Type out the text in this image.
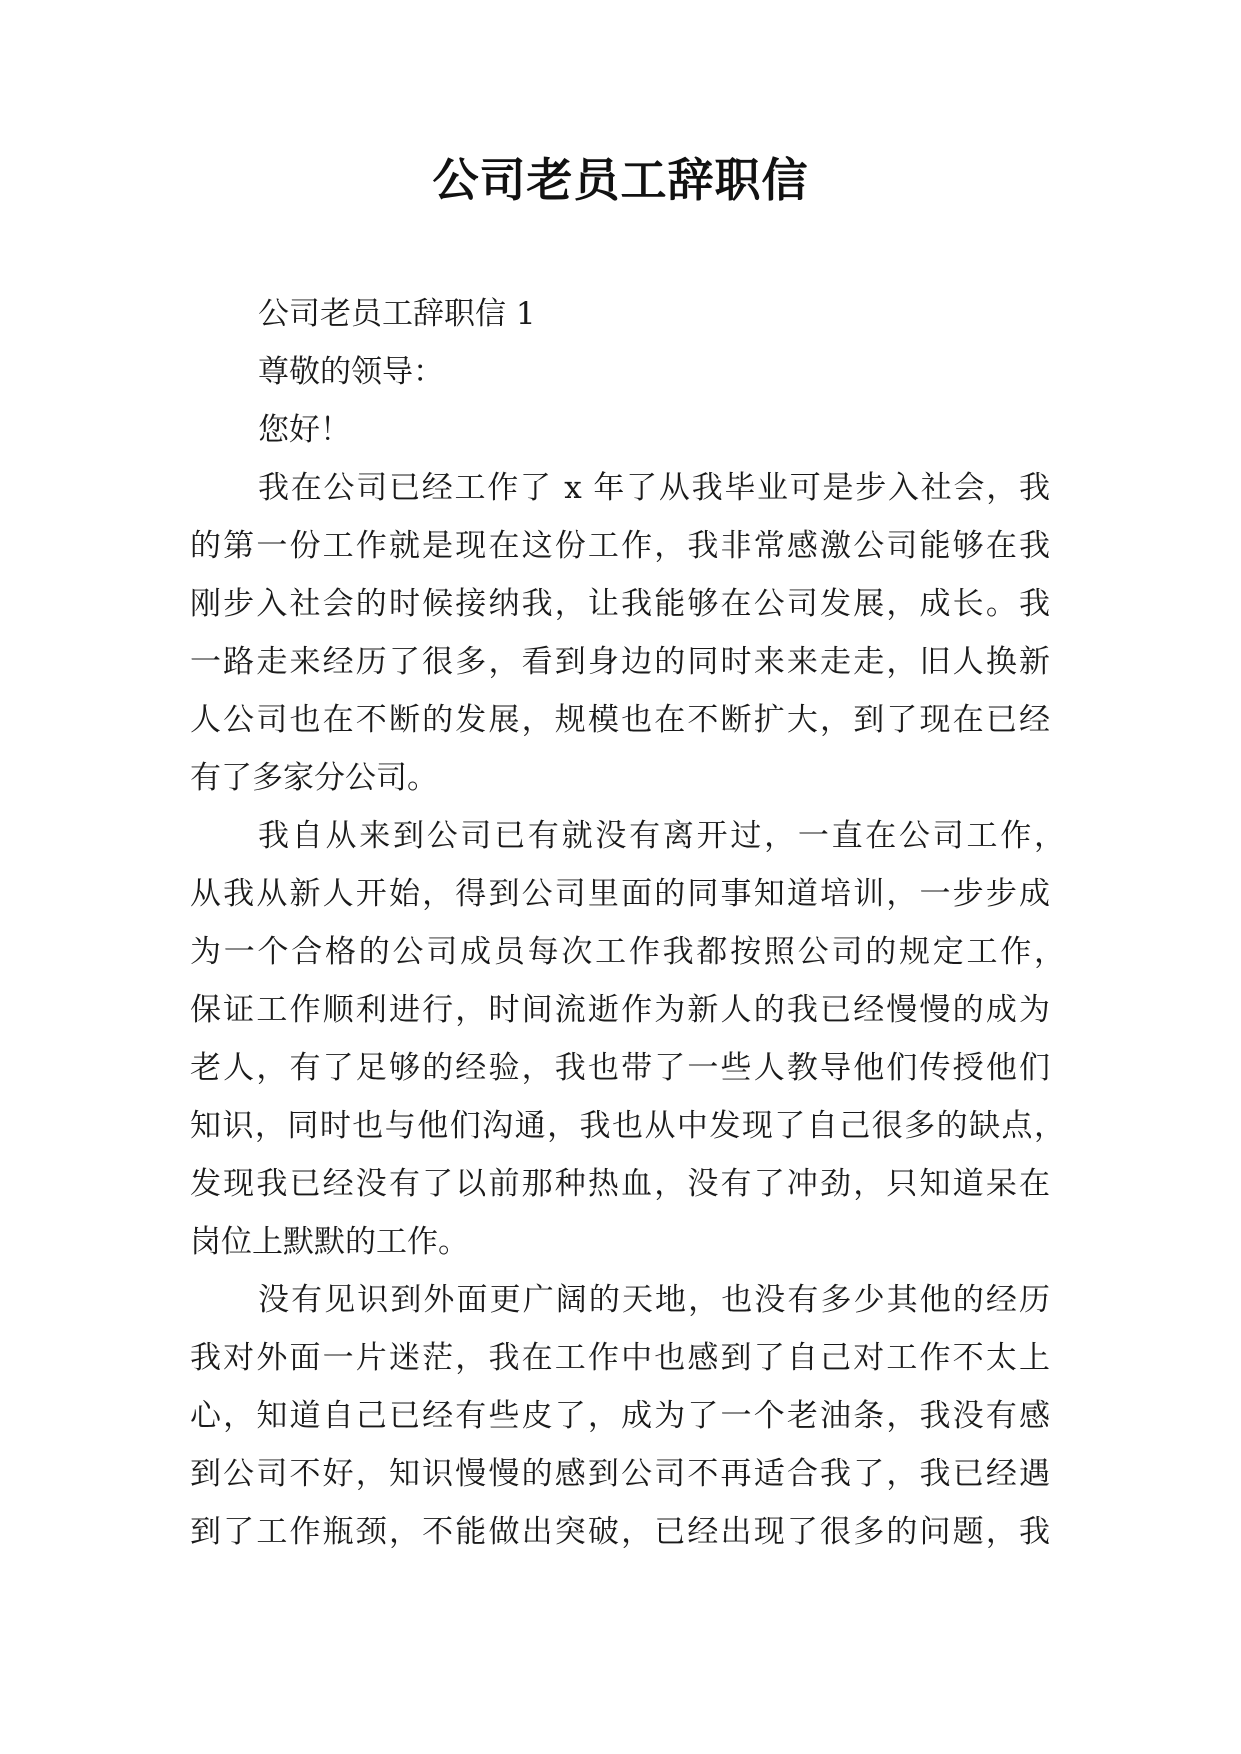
公司老员工辞职信
公司老员工辞职信 1
尊敬的领导：
您好！
我在公司已经工作了 x 年了从我毕业可是步入社会，我
的第一份工作就是现在这份工作，我非常感激公司能够在我
刚步入社会的时候接纳我，让我能够在公司发展，成长。我
一路走来经历了很多，看到身边的同时来来走走，旧人换新
人公司也在不断的发展，规模也在不断扩大，到了现在已经
有了多家分公司。
我自从来到公司已有就没有离开过，一直在公司工作，
从我从新人开始，得到公司里面的同事知道培训，一步步成
为一个合格的公司成员每次工作我都按照公司的规定工作，
保证工作顺利进行，时间流逝作为新人的我已经慢慢的成为
老人，有了足够的经验，我也带了一些人教导他们传授他们
知识，同时也与他们沟通，我也从中发现了自己很多的缺点，
发现我已经没有了以前那种热血，没有了冲劲，只知道呆在
岗位上默默的工作。
没有见识到外面更广阔的天地，也没有多少其他的经历
我对外面一片迷茫，我在工作中也感到了自己对工作不太上
心，知道自己已经有些皮了，成为了一个老油条，我没有感
到公司不好，知识慢慢的感到公司不再适合我了，我已经遇
到了工作瓶颈，不能做出突破，已经出现了很多的问题，我
